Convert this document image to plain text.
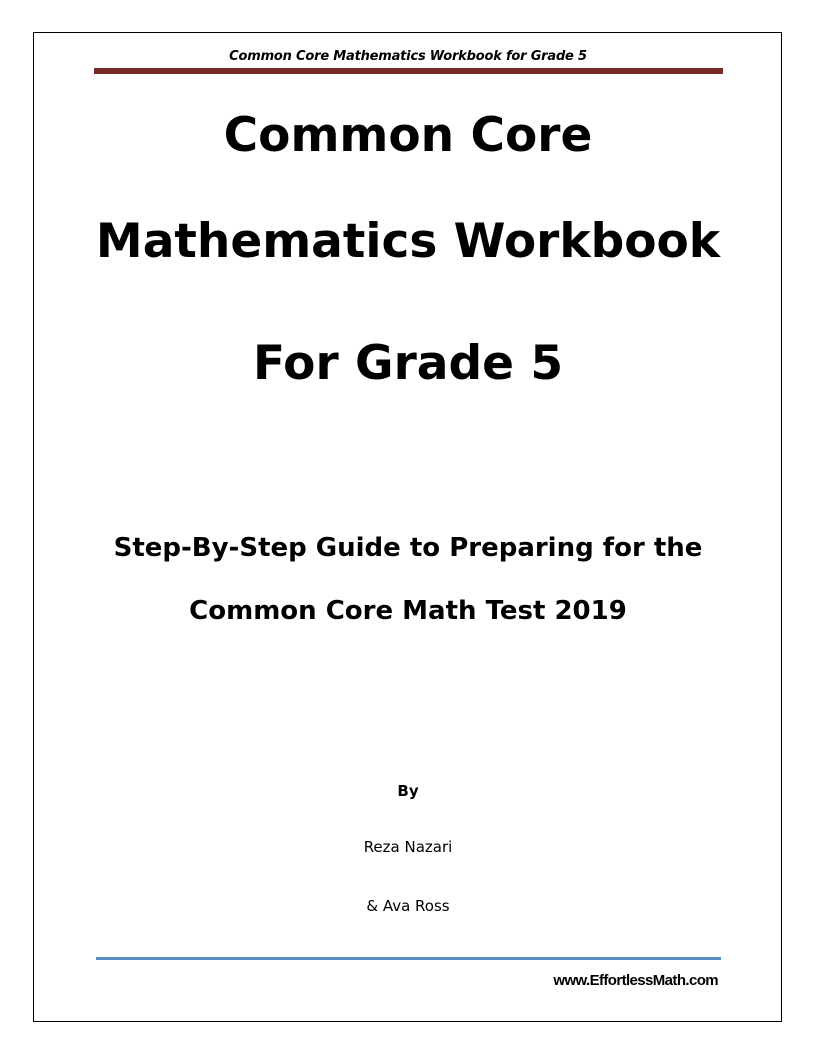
Common Core Mathematics Workbook for Grade 5
Common Core
Mathematics Workbook
For Grade 5
Step-By-Step Guide to Preparing for the
Common Core Math Test 2019
By
Reza Nazari
& Ava Ross
www.EffortlessMath.com
